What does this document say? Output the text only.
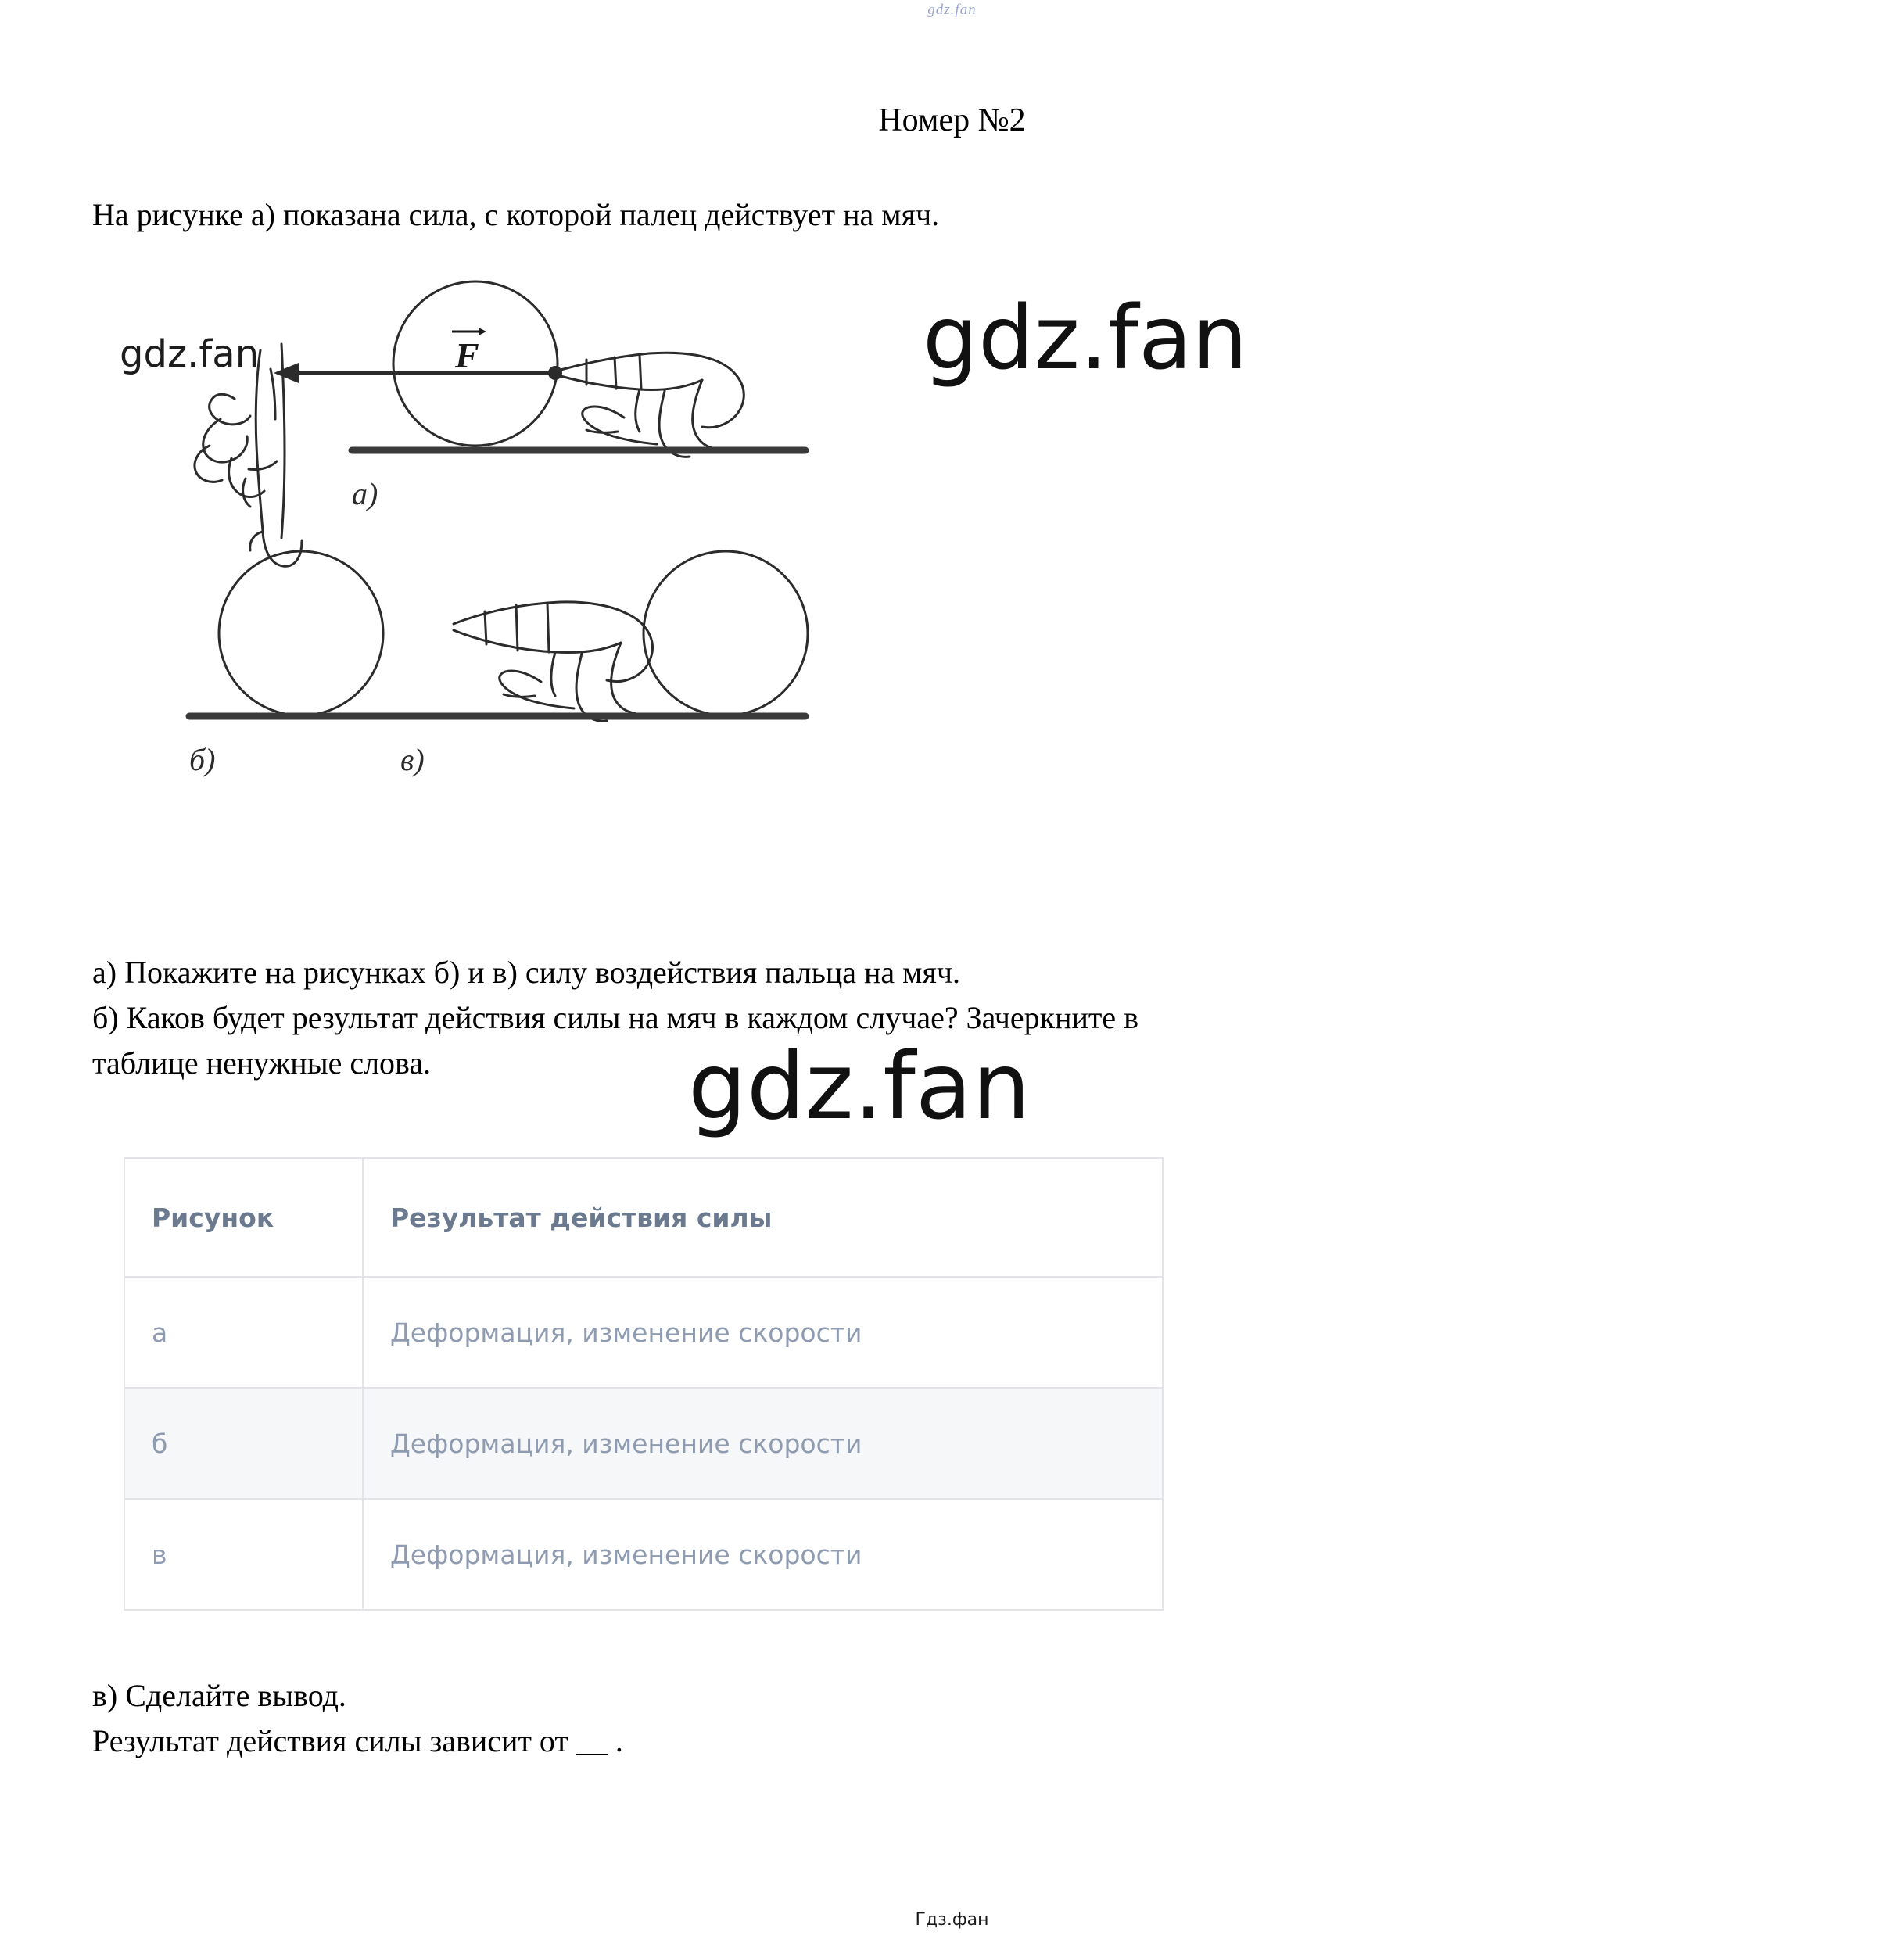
gdz.fan
Номер №2
На рисунке а) показана сила, с которой палец действует на мяч.
gdz.fan	F
а)
б)	в)
gdz.fan
gdz.fan
а) Покажите на рисунках б) и в) силу воздействия пальца на мяч.
б) Каков будет результат действия силы на мяч в каждом случае? Зачеркните в
таблице ненужные слова.
Рисунок	Результат действия силы
а	Деформация, изменение скорости
б	Деформация, изменение скорости
в	Деформация, изменение скорости
в) Сделайте вывод.
Результат действия силы зависит от __ .
Гдз.фан
